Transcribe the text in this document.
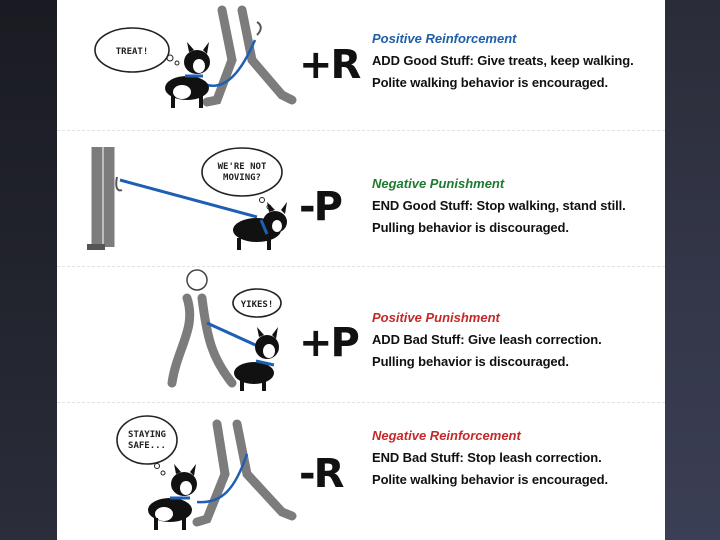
TREAT!	+R
Positive Reinforcement
ADD Good Stuff: Give treats, keep walking.
Polite walking behavior is encouraged.
WE'RE NOT
MOVING?
-P
Negative Punishment
END Good Stuff: Stop walking, stand still.
Pulling behavior is discouraged.
YIKES!
+P
Positive Punishment
ADD Bad Stuff: Give leash correction.
Pulling behavior is discouraged.
STAYING
SAFE...
-R
Negative Reinforcement
END Bad Stuff: Stop leash correction.
Polite walking behavior is encouraged.
